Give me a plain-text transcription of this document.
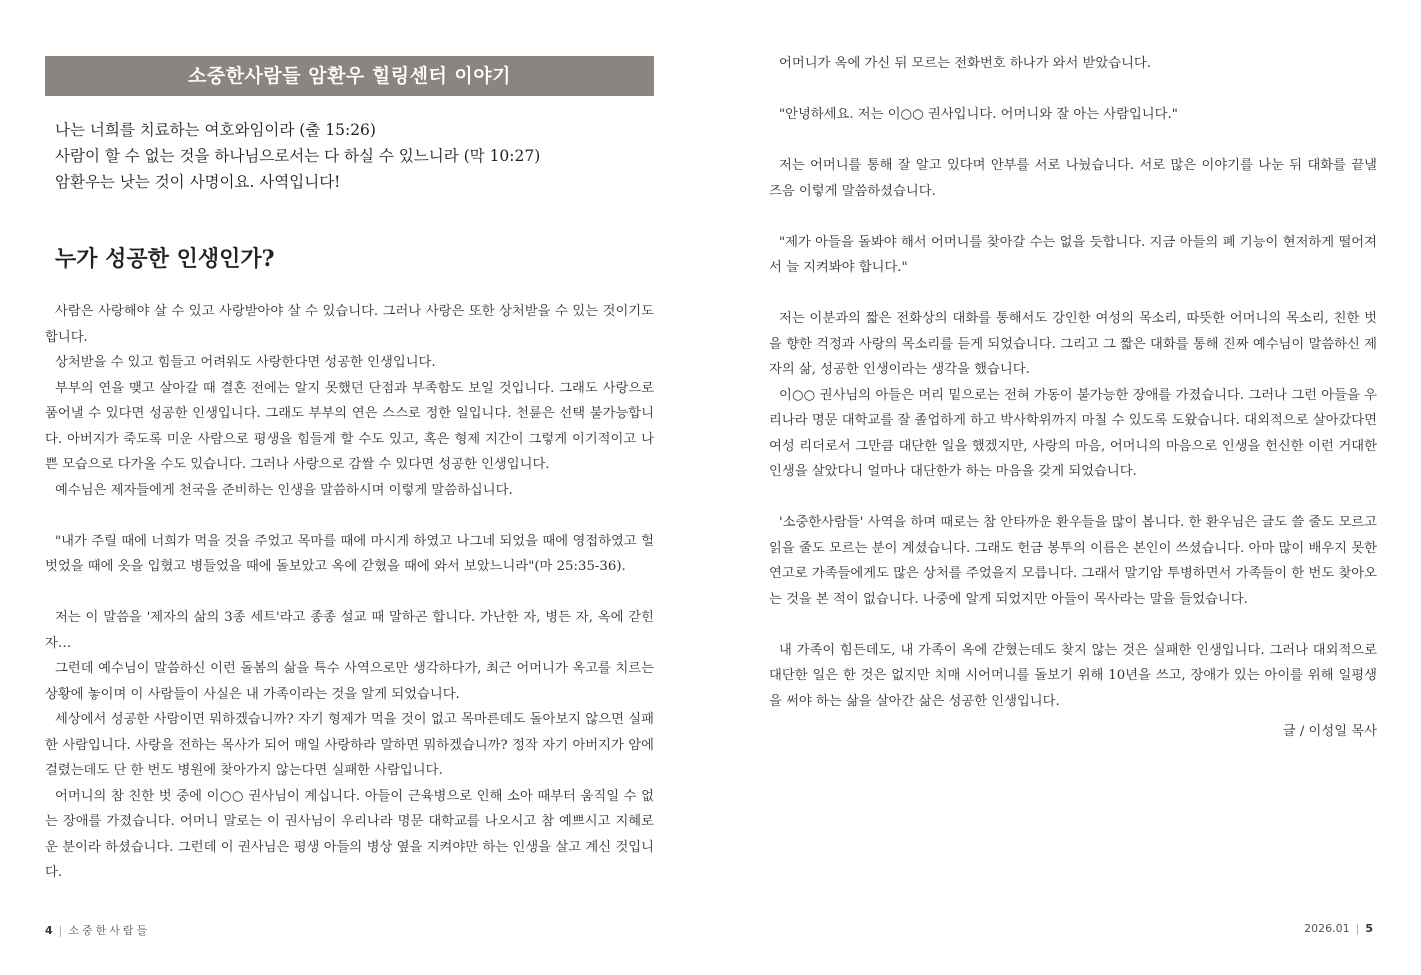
소중한사람들 암환우 힐링센터 이야기
나는 너희를 치료하는 여호와임이라 (출 15:26)
사람이 할 수 없는 것을 하나님으로서는 다 하실 수 있느니라 (막 10:27)
암환우는 낫는 것이 사명이요. 사역입니다!
누가 성공한 인생인가?

사람은 사랑해야 살 수 있고 사랑받아야 살 수 있습니다. 그러나 사랑은 또한 상처받을 수 있는 것이기도 합니다.

상처받을 수 있고 힘들고 어려워도 사랑한다면 성공한 인생입니다.

부부의 연을 맺고 살아갈 때 결혼 전에는 알지 못했던 단점과 부족함도 보일 것입니다. 그래도 사랑으로 품어낼 수 있다면 성공한 인생입니다. 그래도 부부의 연은 스스로 정한 일입니다. 천륜은 선택 불가능합니다. 아버지가 죽도록 미운 사람으로 평생을 힘들게 할 수도 있고, 혹은 형제 지간이 그렇게 이기적이고 나쁜 모습으로 다가올 수도 있습니다. 그러나 사랑으로 감쌀 수 있다면 성공한 인생입니다.

예수님은 제자들에게 천국을 준비하는 인생을 말씀하시며 이렇게 말씀하십니다.

"내가 주릴 때에 너희가 먹을 것을 주었고 목마를 때에 마시게 하였고 나그네 되었을 때에 영접하였고 헐벗었을 때에 옷을 입혔고 병들었을 때에 돌보았고 옥에 갇혔을 때에 와서 보았느니라"(마 25:35-36).

저는 이 말씀을 '제자의 삶의 3종 세트'라고 종종 설교 때 말하곤 합니다. 가난한 자, 병든 자, 옥에 갇힌 자…

그런데 예수님이 말씀하신 이런 돌봄의 삶을 특수 사역으로만 생각하다가, 최근 어머니가 옥고를 치르는 상황에 놓이며 이 사람들이 사실은 내 가족이라는 것을 알게 되었습니다.

세상에서 성공한 사람이면 뭐하겠습니까? 자기 형제가 먹을 것이 없고 목마른데도 돌아보지 않으면 실패한 사람입니다. 사랑을 전하는 목사가 되어 매일 사랑하라 말하면 뭐하겠습니까? 정작 자기 아버지가 암에 걸렸는데도 단 한 번도 병원에 찾아가지 않는다면 실패한 사람입니다.

어머니의 참 친한 벗 중에 이○○ 권사님이 계십니다. 아들이 근육병으로 인해 소아 때부터 움직일 수 없는 장애를 가졌습니다. 어머니 말로는 이 권사님이 우리나라 명문 대학교를 나오시고 참 예쁘시고 지혜로운 분이라 하셨습니다. 그런데 이 권사님은 평생 아들의 병상 옆을 지켜야만 하는 인생을 살고 계신 것입니다.

4 | 소중한사람들

어머니가 옥에 가신 뒤 모르는 전화번호 하나가 와서 받았습니다.

"안녕하세요. 저는 이○○ 권사입니다. 어머니와 잘 아는 사람입니다."

저는 어머니를 통해 잘 알고 있다며 안부를 서로 나눴습니다. 서로 많은 이야기를 나눈 뒤 대화를 끝낼 즈음 이렇게 말씀하셨습니다.

"제가 아들을 돌봐야 해서 어머니를 찾아갈 수는 없을 듯합니다. 지금 아들의 폐 기능이 현저하게 떨어져서 늘 지켜봐야 합니다."

저는 이분과의 짧은 전화상의 대화를 통해서도 강인한 여성의 목소리, 따뜻한 어머니의 목소리, 친한 벗을 향한 걱정과 사랑의 목소리를 듣게 되었습니다. 그리고 그 짧은 대화를 통해 진짜 예수님이 말씀하신 제자의 삶, 성공한 인생이라는 생각을 했습니다.

이○○ 권사님의 아들은 머리 밑으로는 전혀 가동이 불가능한 장애를 가졌습니다. 그러나 그런 아들을 우리나라 명문 대학교를 잘 졸업하게 하고 박사학위까지 마칠 수 있도록 도왔습니다. 대외적으로 살아갔다면 여성 리더로서 그만큼 대단한 일을 했겠지만, 사랑의 마음, 어머니의 마음으로 인생을 헌신한 이런 거대한 인생을 살았다니 얼마나 대단한가 하는 마음을 갖게 되었습니다.

'소중한사람들' 사역을 하며 때로는 참 안타까운 환우들을 많이 봅니다. 한 환우님은 글도 쓸 줄도 모르고 읽을 줄도 모르는 분이 계셨습니다. 그래도 헌금 봉투의 이름은 본인이 쓰셨습니다. 아마 많이 배우지 못한 연고로 가족들에게도 많은 상처를 주었을지 모릅니다. 그래서 말기암 투병하면서 가족들이 한 번도 찾아오는 것을 본 적이 없습니다. 나중에 알게 되었지만 아들이 목사라는 말을 들었습니다.

내 가족이 힘든데도, 내 가족이 옥에 갇혔는데도 찾지 않는 것은 실패한 인생입니다. 그러나 대외적으로 대단한 일은 한 것은 없지만 치매 시어머니를 돌보기 위해 10년을 쓰고, 장애가 있는 아이를 위해 일평생을 써야 하는 삶을 살아간 삶은 성공한 인생입니다.

글 / 이성일 목사

2026.01 | 5
